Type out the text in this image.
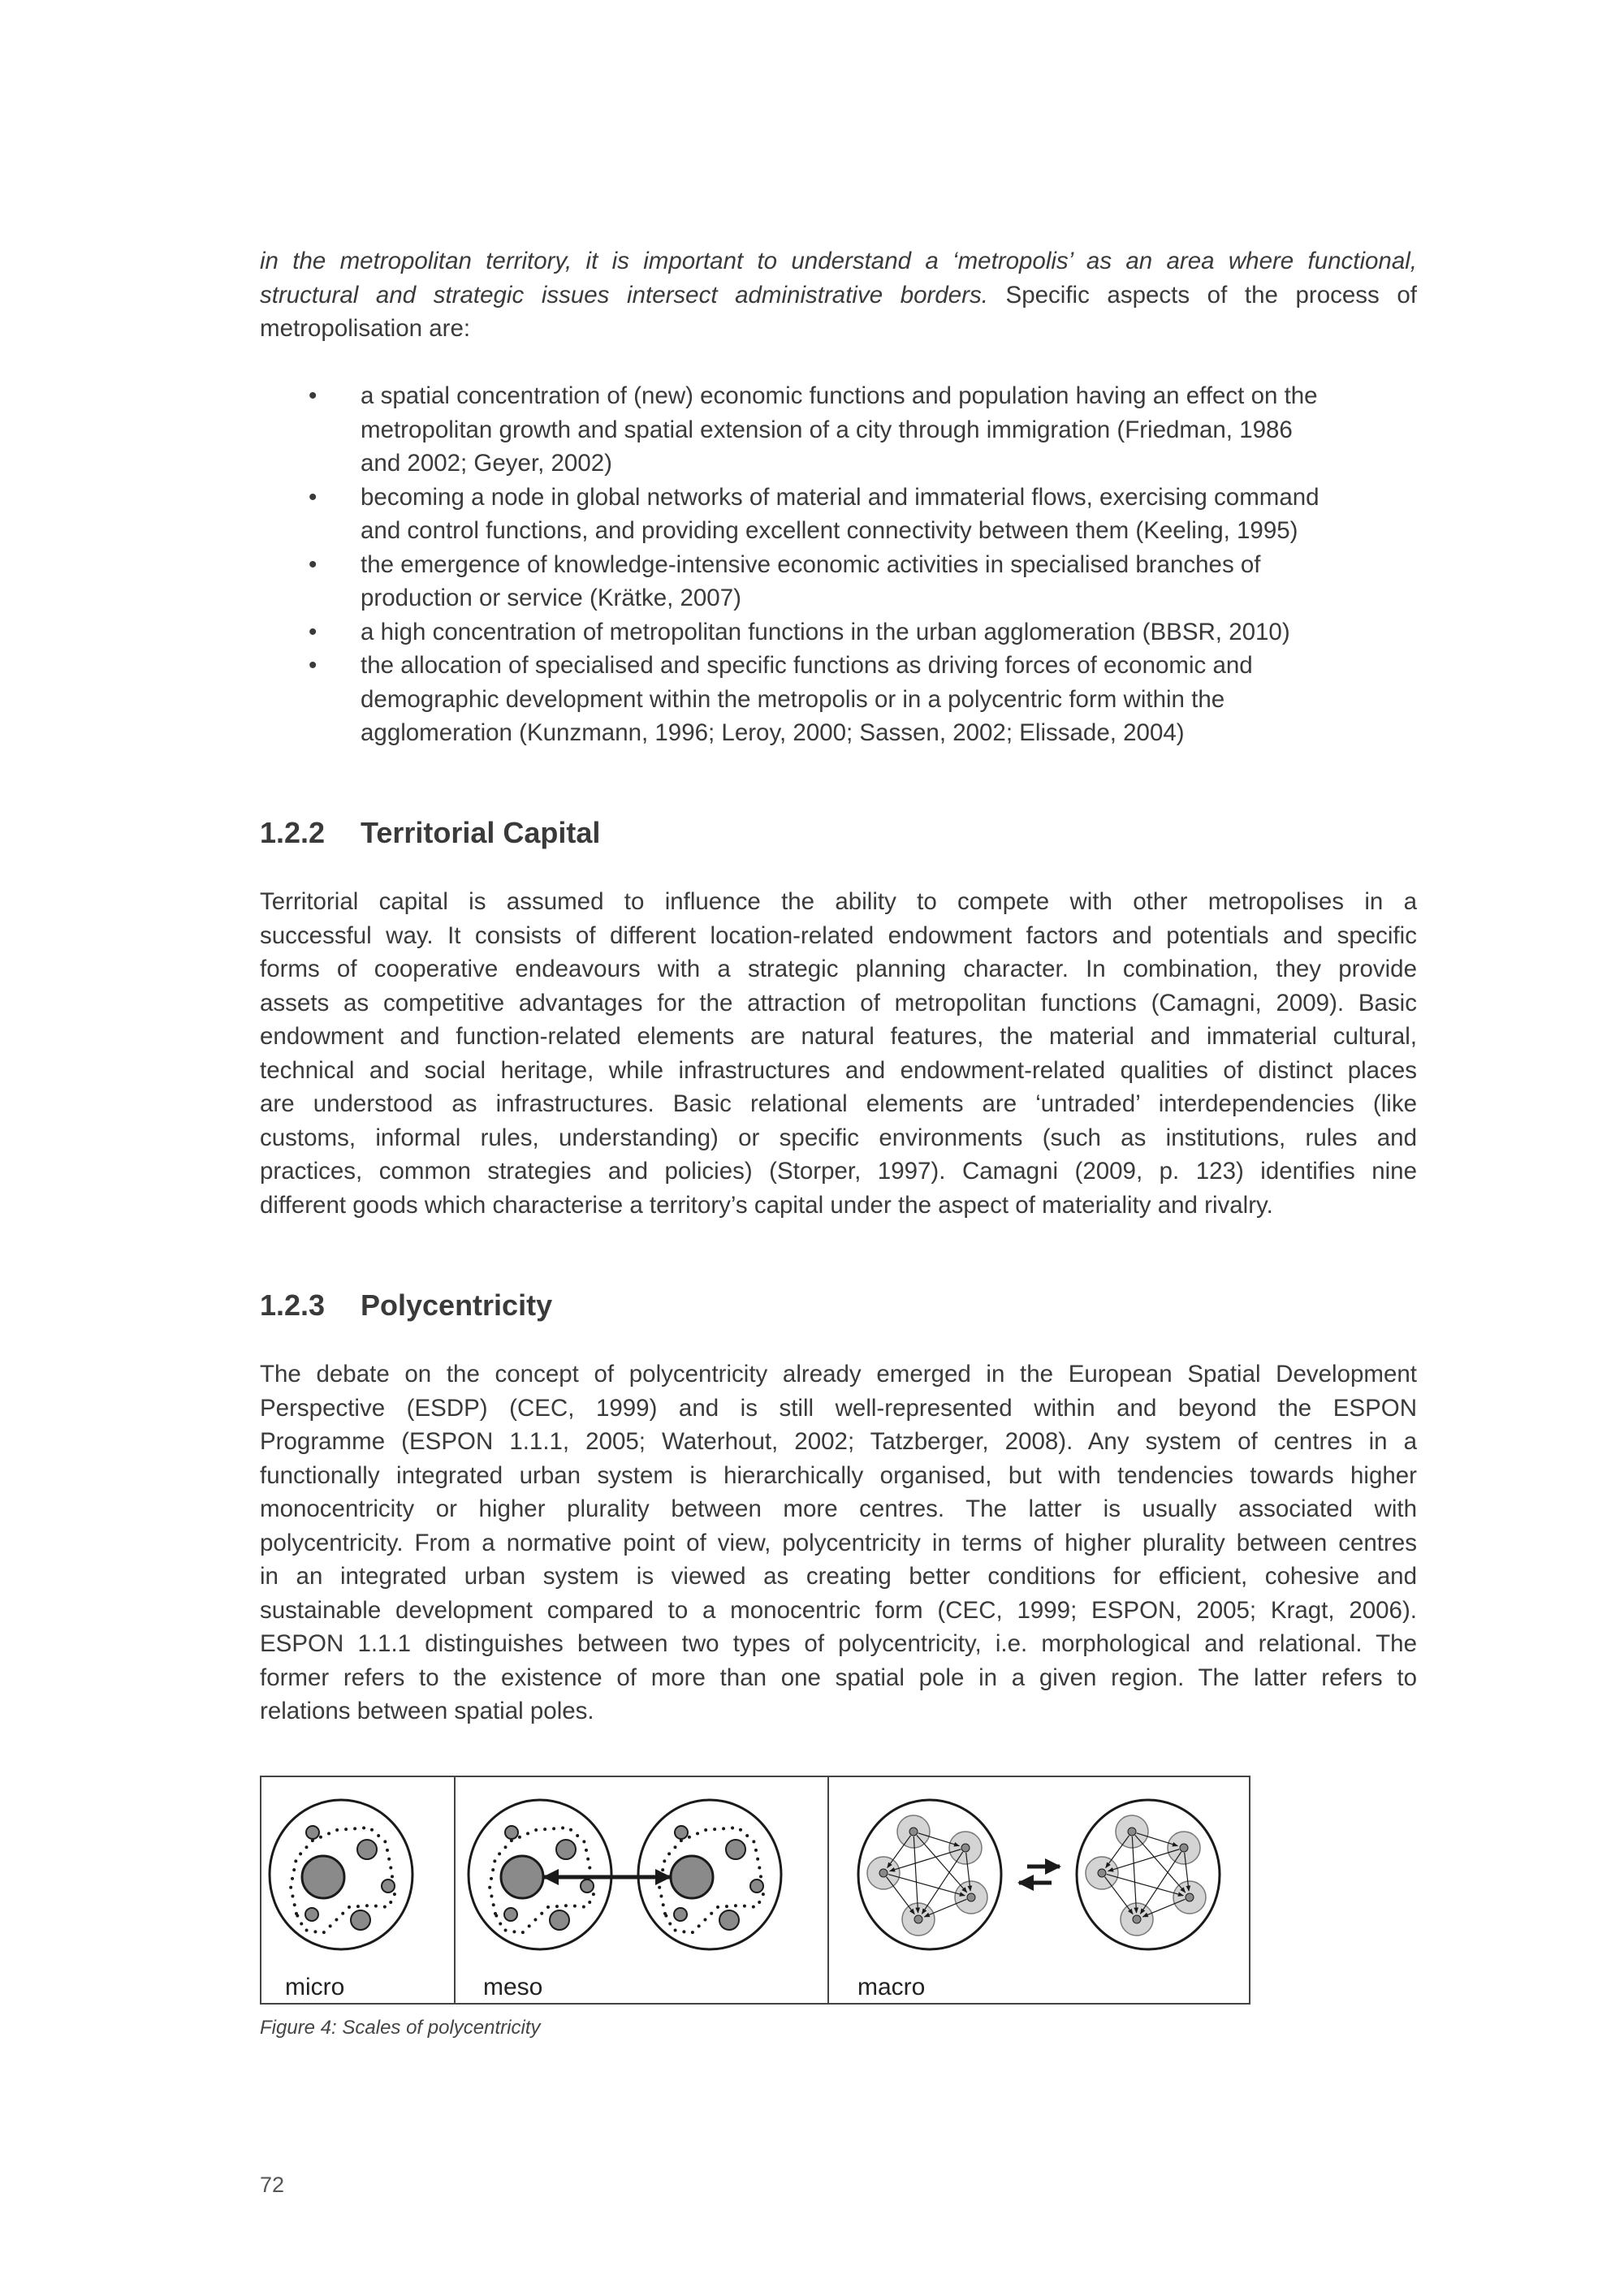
in the metropolitan territory, it is important to understand a ‘metropolis’ as an area where functional,
structural and strategic issues intersect administrative borders. Specific aspects of the process of
metropolisation are:
• a spatial concentration of (new) economic functions and population having an effect on the
metropolitan growth and spatial extension of a city through immigration (Friedman, 1986
and 2002; Geyer, 2002)
• becoming a node in global networks of material and immaterial flows, exercising command
and control functions, and providing excellent connectivity between them (Keeling, 1995)
• the emergence of knowledge-intensive economic activities in specialised branches of
production or service (Krätke, 2007)
• a high concentration of metropolitan functions in the urban agglomeration (BBSR, 2010)
• the allocation of specialised and specific functions as driving forces of economic and
demographic development within the metropolis or in a polycentric form within the
agglomeration (Kunzmann, 1996; Leroy, 2000; Sassen, 2002; Elissade, 2004)
1.2.2 Territorial Capital
Territorial capital is assumed to influence the ability to compete with other metropolises in a
successful way. It consists of different location-related endowment factors and potentials and specific
forms of cooperative endeavours with a strategic planning character. In combination, they provide
assets as competitive advantages for the attraction of metropolitan functions (Camagni, 2009). Basic
endowment and function-related elements are natural features, the material and immaterial cultural,
technical and social heritage, while infrastructures and endowment-related qualities of distinct places
are understood as infrastructures. Basic relational elements are ‘untraded’ interdependencies (like
customs, informal rules, understanding) or specific environments (such as institutions, rules and
practices, common strategies and policies) (Storper, 1997). Camagni (2009, p. 123) identifies nine
different goods which characterise a territory’s capital under the aspect of materiality and rivalry.
1.2.3 Polycentricity
The debate on the concept of polycentricity already emerged in the European Spatial Development
Perspective (ESDP) (CEC, 1999) and is still well-represented within and beyond the ESPON
Programme (ESPON 1.1.1, 2005; Waterhout, 2002; Tatzberger, 2008). Any system of centres in a
functionally integrated urban system is hierarchically organised, but with tendencies towards higher
monocentricity or higher plurality between more centres. The latter is usually associated with
polycentricity. From a normative point of view, polycentricity in terms of higher plurality between centres
in an integrated urban system is viewed as creating better conditions for efficient, cohesive and
sustainable development compared to a monocentric form (CEC, 1999; ESPON, 2005; Kragt, 2006).
ESPON 1.1.1 distinguishes between two types of polycentricity, i.e. morphological and relational. The
former refers to the existence of more than one spatial pole in a given region. The latter refers to
relations between spatial poles.
micro	meso	macro
Figure 4: Scales of polycentricity
72
